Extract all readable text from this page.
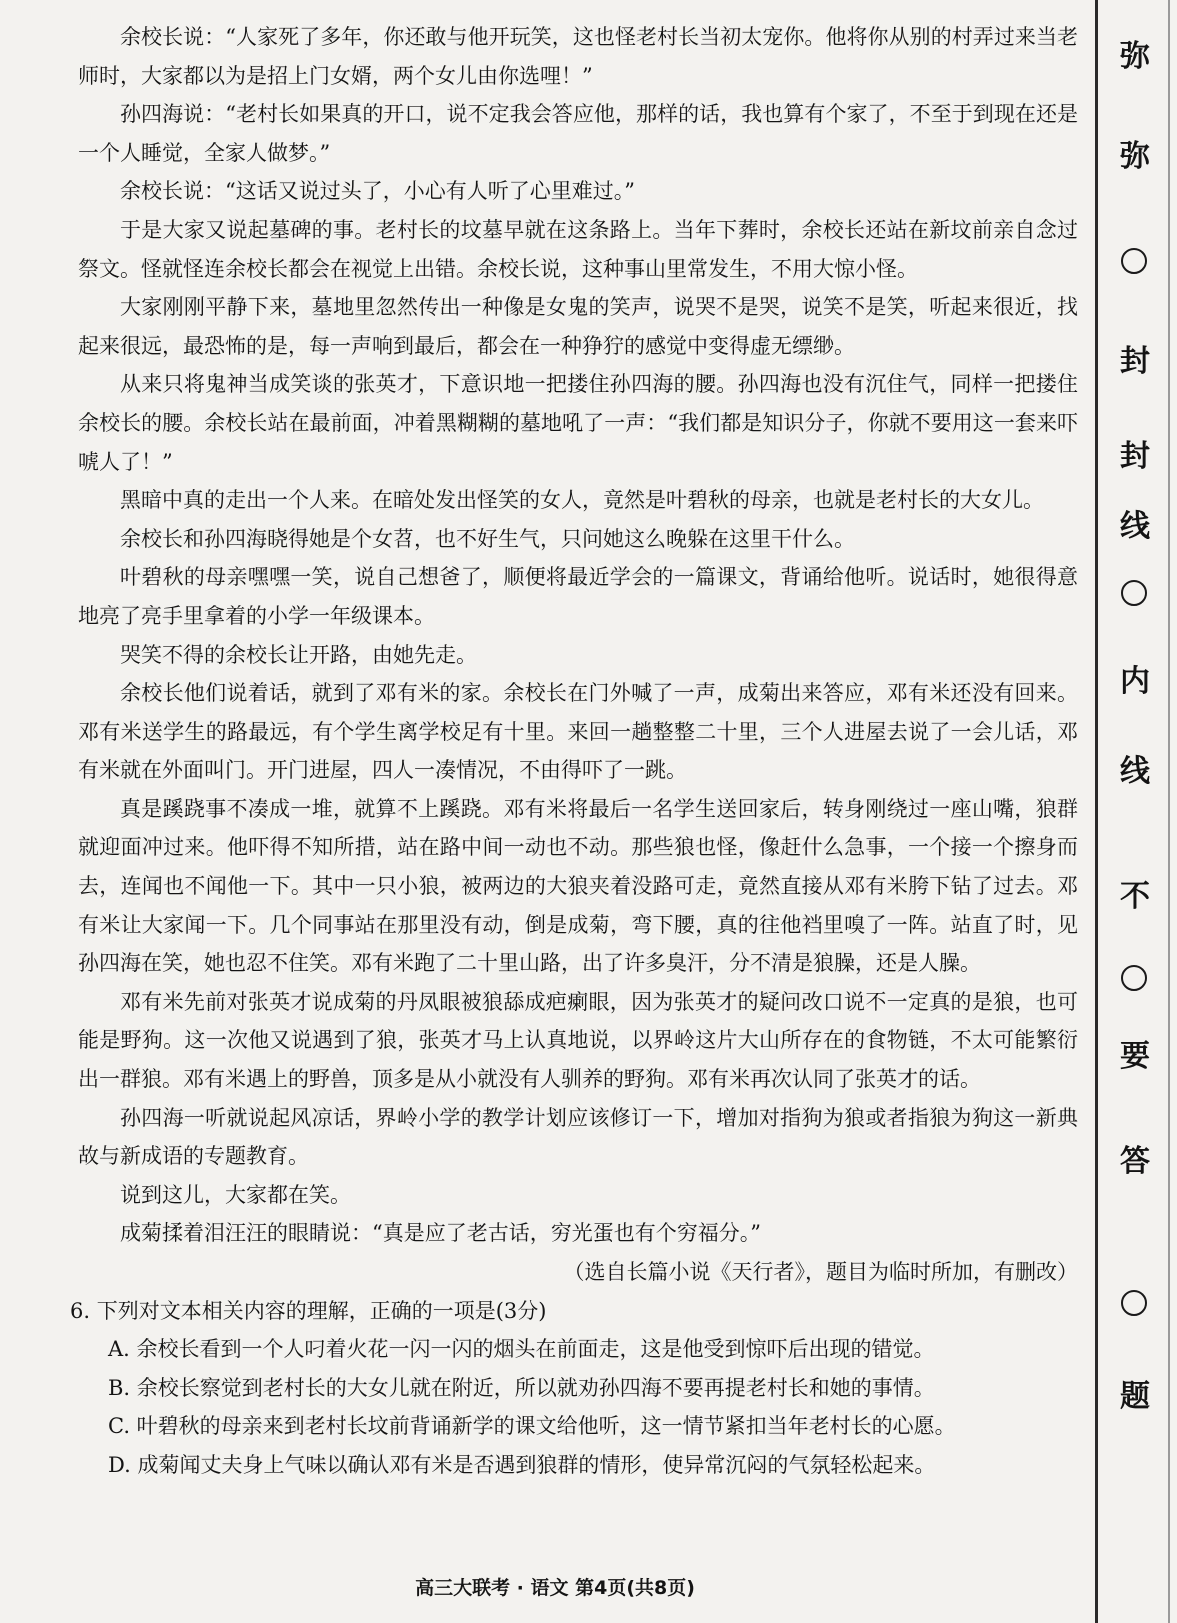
余校长说：“人家死了多年，你还敢与他开玩笑，这也怪老村长当初太宠你。他将你从别的村弄过来当老师时，大家都以为是招上门女婿，两个女儿由你选哩！”

孙四海说：“老村长如果真的开口，说不定我会答应他，那样的话，我也算有个家了，不至于到现在还是一个人睡觉，全家人做梦。”

余校长说：“这话又说过头了，小心有人听了心里难过。”

于是大家又说起墓碑的事。老村长的坟墓早就在这条路上。当年下葬时，余校长还站在新坟前亲自念过祭文。怪就怪连余校长都会在视觉上出错。余校长说，这种事山里常发生，不用大惊小怪。

大家刚刚平静下来，墓地里忽然传出一种像是女鬼的笑声，说哭不是哭，说笑不是笑，听起来很近，找起来很远，最恐怖的是，每一声响到最后，都会在一种狰狞的感觉中变得虚无缥缈。

从来只将鬼神当成笑谈的张英才，下意识地一把搂住孙四海的腰。孙四海也没有沉住气，同样一把搂住余校长的腰。余校长站在最前面，冲着黑糊糊的墓地吼了一声：“我们都是知识分子，你就不要用这一套来吓唬人了！”

黑暗中真的走出一个人来。在暗处发出怪笑的女人，竟然是叶碧秋的母亲，也就是老村长的大女儿。

余校长和孙四海晓得她是个女苕，也不好生气，只问她这么晚躲在这里干什么。

叶碧秋的母亲嘿嘿一笑，说自己想爸了，顺便将最近学会的一篇课文，背诵给他听。说话时，她很得意地亮了亮手里拿着的小学一年级课本。

哭笑不得的余校长让开路，由她先走。

余校长他们说着话，就到了邓有米的家。余校长在门外喊了一声，成菊出来答应，邓有米还没有回来。邓有米送学生的路最远，有个学生离学校足有十里。来回一趟整整二十里，三个人进屋去说了一会儿话，邓有米就在外面叫门。开门进屋，四人一凑情况，不由得吓了一跳。

真是蹊跷事不凑成一堆，就算不上蹊跷。邓有米将最后一名学生送回家后，转身刚绕过一座山嘴，狼群就迎面冲过来。他吓得不知所措，站在路中间一动也不动。那些狼也怪，像赶什么急事，一个接一个擦身而去，连闻也不闻他一下。其中一只小狼，被两边的大狼夹着没路可走，竟然直接从邓有米胯下钻了过去。邓有米让大家闻一下。几个同事站在那里没有动，倒是成菊，弯下腰，真的往他裆里嗅了一阵。站直了时，见孙四海在笑，她也忍不住笑。邓有米跑了二十里山路，出了许多臭汗，分不清是狼臊，还是人臊。

邓有米先前对张英才说成菊的丹凤眼被狼舔成疤瘌眼，因为张英才的疑问改口说不一定真的是狼，也可能是野狗。这一次他又说遇到了狼，张英才马上认真地说，以界岭这片大山所存在的食物链，不太可能繁衍出一群狼。邓有米遇上的野兽，顶多是从小就没有人驯养的野狗。邓有米再次认同了张英才的话。

孙四海一听就说起风凉话，界岭小学的教学计划应该修订一下，增加对指狗为狼或者指狼为狗这一新典故与新成语的专题教育。

说到这儿，大家都在笑。

成菊揉着泪汪汪的眼睛说：“真是应了老古话，穷光蛋也有个穷福分。”

（选自长篇小说《天行者》，题目为临时所加，有删改）

6. 下列对文本相关内容的理解，正确的一项是(3分)

A. 余校长看到一个人叼着火花一闪一闪的烟头在前面走，这是他受到惊吓后出现的错觉。

B. 余校长察觉到老村长的大女儿就在附近，所以就劝孙四海不要再提老村长和她的事情。

C. 叶碧秋的母亲来到老村长坟前背诵新学的课文给他听，这一情节紧扣当年老村长的心愿。

D. 成菊闻丈夫身上气味以确认邓有米是否遇到狼群的情形，使异常沉闷的气氛轻松起来。

高三大联考 · 语文 第4页(共8页)
弥
弥
封
封
线
内
线
不
要
答
题
